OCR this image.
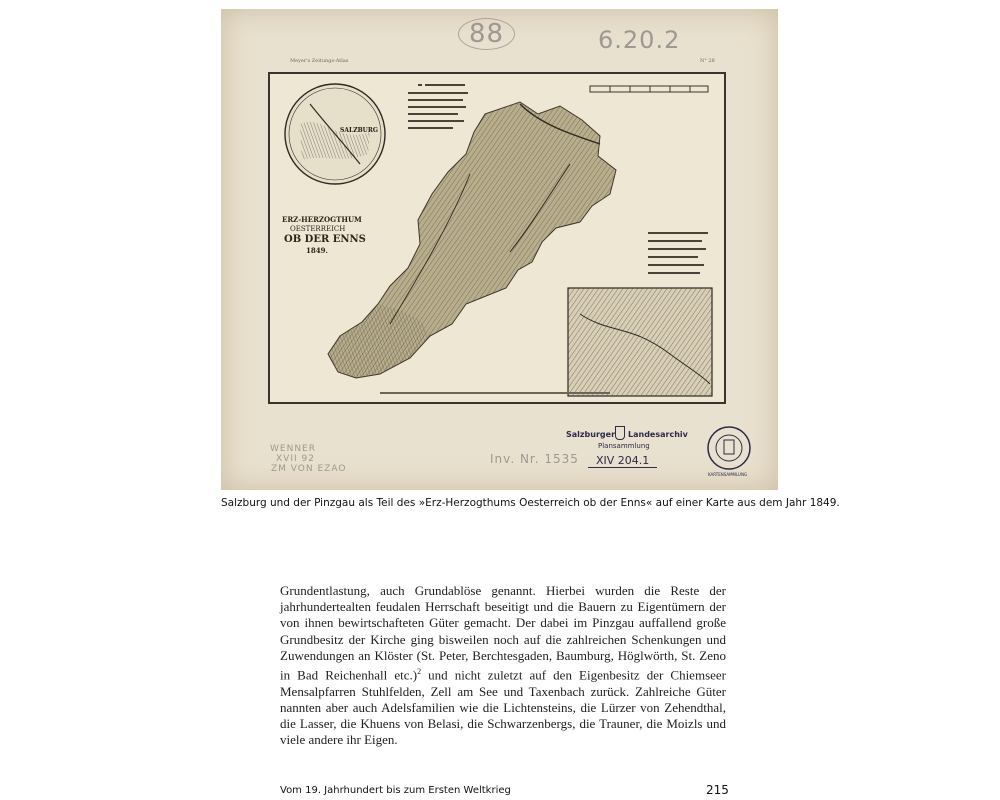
88	6.20.2
Meyer's Zeitungs-Atlas	N° 28
ERZ-HERZOGTHUM
OESTERREICH
OB DER ENNS
1849.
SALZBURG
WENNER
XVII 92
ZM VON EZAO
Inv. Nr. 1535
Salzburger Landesarchiv
Plansammlung
XIV 204.1
KARTENSAMMLUNG
Salzburg und der Pinzgau als Teil des »Erz-Herzogthums Oesterreich ob der Enns« auf einer Karte aus dem Jahr 1849.

Grundentlastung, auch Grundablöse genannt. Hierbei wurden die Reste der jahrhundertealten feudalen Herrschaft beseitigt und die Bauern zu Eigentümern der von ihnen bewirtschafteten Güter gemacht. Der dabei im Pinzgau auffallend große Grundbesitz der Kirche ging bisweilen noch auf die zahlreichen Schenkungen und Zuwendungen an Klöster (St. Peter, Berchtesgaden, Baumburg, Höglwörth, St. Zeno in Bad Reichenhall etc.)$^2$ und nicht zuletzt auf den Eigenbesitz der Chiemseer Mensalpfarren Stuhlfelden, Zell am See und Taxenbach zurück. Zahlreiche Güter nannten aber auch Adelsfamilien wie die Lichtensteins, die Lürzer von Zehendthal, die Lasser, die Khuens von Belasi, die Schwarzenbergs, die Trauner, die Moizls und viele andere ihr Eigen.

Vom 19. Jahrhundert bis zum Ersten Weltkrieg	215
